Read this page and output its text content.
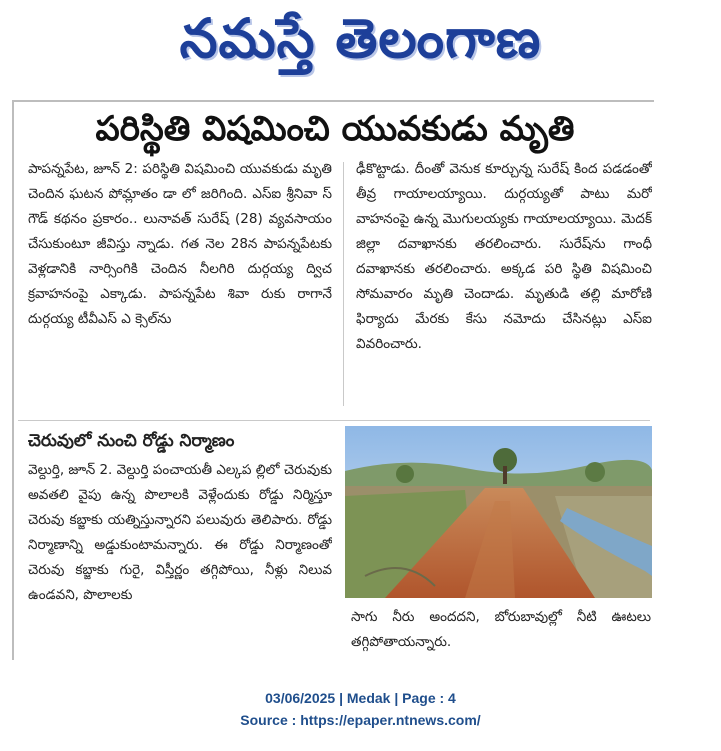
నమస్తే తెలంగాణ
పరిస్థితి విషమించి యువకుడు మృతి
పాపన్నపేట, జూన్ 2: పరిస్థితి విషమించి యువకుడు మృతి చెందిన ఘటన పోమ్లాతం డా లో జరిగింది. ఎస్ఐ శ్రీనివా స్ గౌడ్ కథనం ప్రకారం.. లునావత్ సురేష్ (28) వ్యవసాయం చేసుకుంటూ జీవిస్తు న్నాడు. గత నెల 28న పాపన్నపేటకు వెళ్లడానికి నార్సింగికి చెందిన నీలగిరి దుర్గయ్య ద్విచ క్రవాహనంపై ఎక్కాడు. పాపన్నపేట శివా రుకు రాగానే దుర్గయ్య టీవీఎస్ ఎ క్సెల్‌ను
ఢీకొట్టాడు. దీంతో వెనుక కూర్చున్న సురేష్ కింద పడడంతో తీవ్ర గాయాలయ్యాయి. దుర్గయ్యతో పాటు మరో వాహనంపై ఉన్న మొగులయ్యకు గాయాలయ్యాయి. మెదక్ జిల్లా దవాఖానకు తరలించారు. సురేష్‌ను గాంధీ దవాఖానకు తరలించారు. అక్కడ పరి స్థితి విషమించి సోమవారం మృతి చెందాడు. మృతుడి తల్లి మారోణి ఫిర్యాదు మేరకు కేసు నమోదు చేసినట్లు ఎస్ఐ వివరించారు.
చెరువులో నుంచి రోడ్డు నిర్మాణం
వెల్దుర్తి, జూన్ 2. వెల్దుర్తి పంచాయతీ ఎల్కప ల్లిలో చెరువుకు అవతలి వైపు ఉన్న పొలాలకి వెళ్లేందుకు రోడ్డు నిర్మిస్తూ చెరువు కబ్జాకు యత్నిస్తున్నారని పలువురు తెలిపారు. రోడ్డు నిర్మాణాన్ని అడ్డుకుంటామన్నారు. ఈ రోడ్డు నిర్మాణంతో చెరువు కబ్జాకు గురై, విస్తీర్ణం తగ్గిపోయి, నీళ్లు నిలువ ఉండవని, పొలాలకు
సాగు నీరు అందదని, బోరుబావుల్లో నీటి ఊటలు తగ్గిపోతాయన్నారు.
03/06/2025 | Medak | Page : 4
Source : https://epaper.ntnews.com/
